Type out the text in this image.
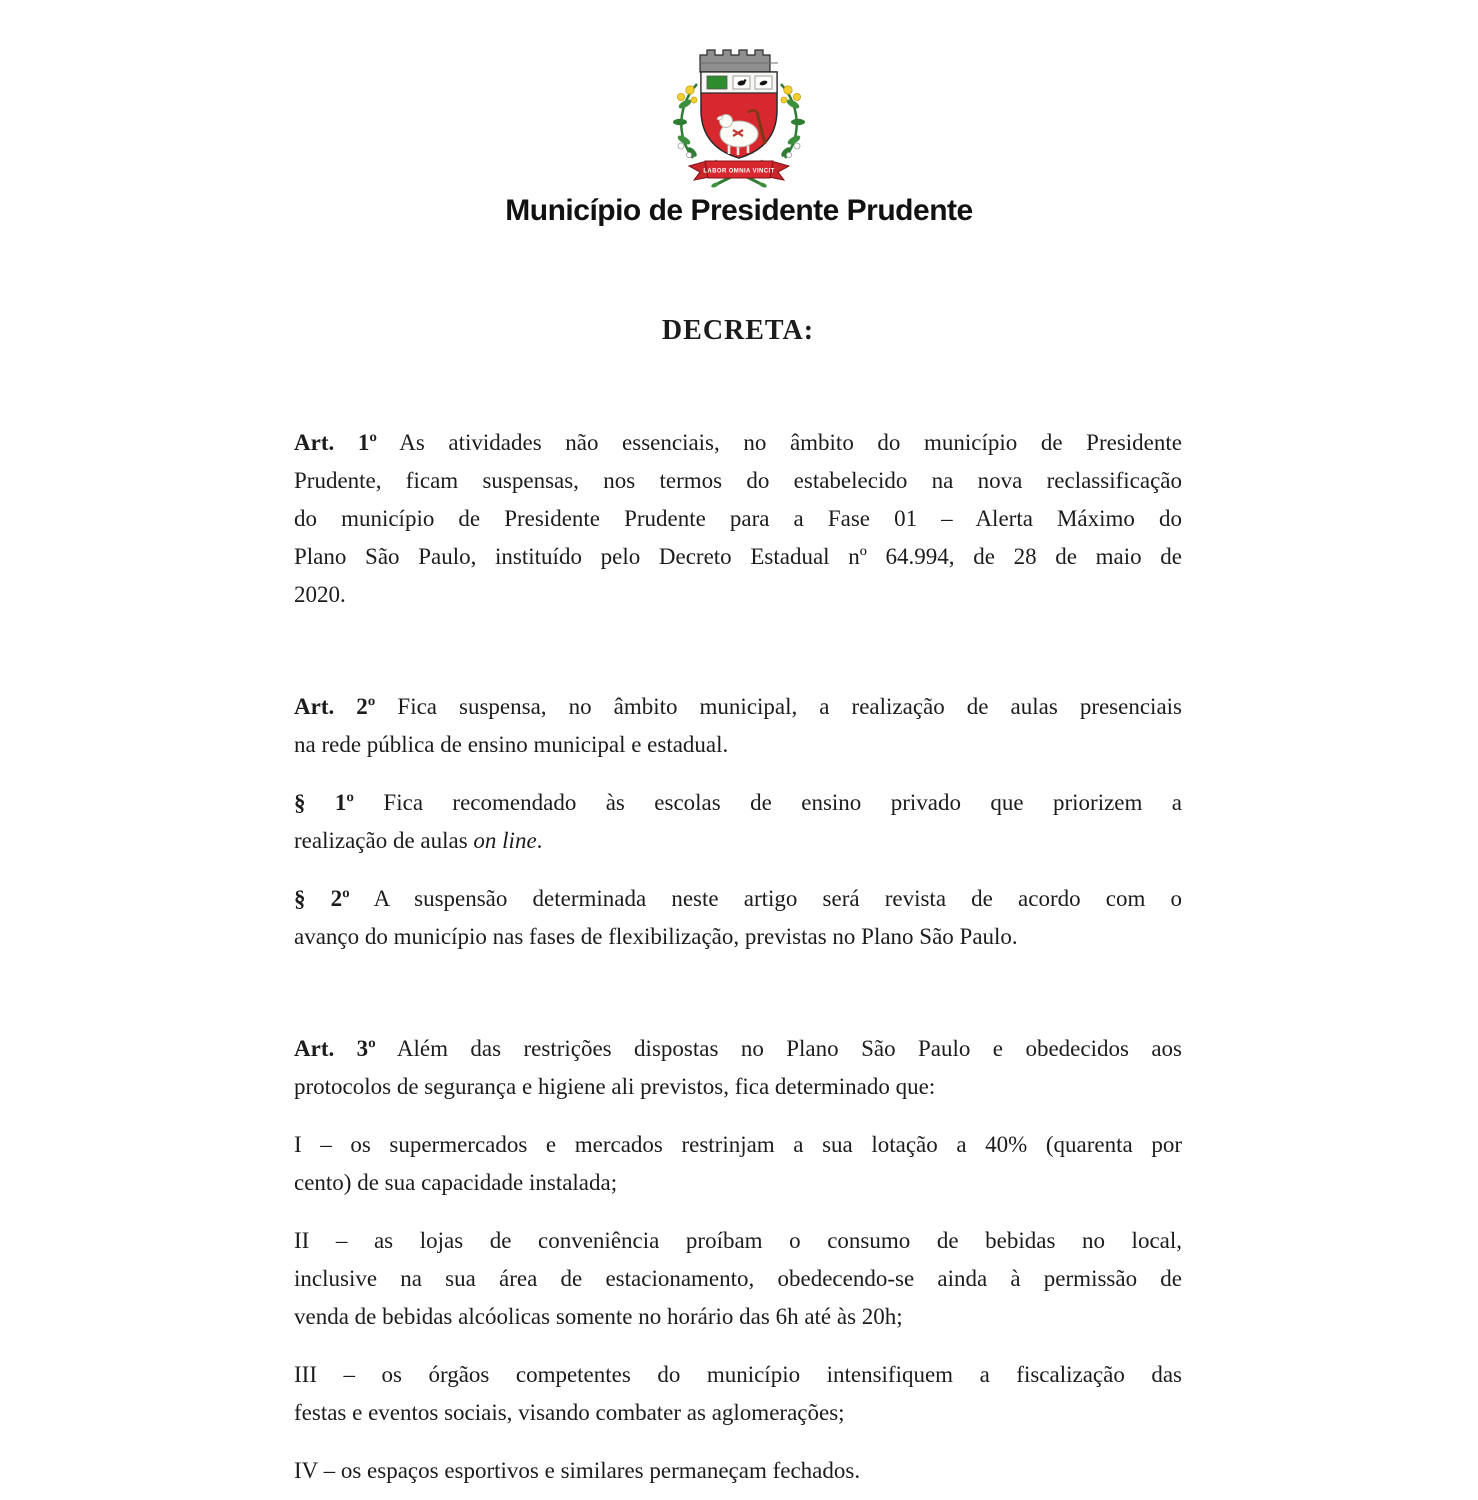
LABOR OMNIA VINCIT
Município de Presidente Prudente
DECRETA:
Art. 1º As atividades não essenciais, no âmbito do município de Presidente
Prudente, ficam suspensas, nos termos do estabelecido na nova reclassificação
do município de Presidente Prudente para a Fase 01 – Alerta Máximo do
Plano São Paulo, instituído pelo Decreto Estadual nº 64.994, de 28 de maio de
2020.
Art. 2º Fica suspensa, no âmbito municipal, a realização de aulas presenciais
na rede pública de ensino municipal e estadual.
§ 1º Fica recomendado às escolas de ensino privado que priorizem a
realização de aulas on line.
§ 2º A suspensão determinada neste artigo será revista de acordo com o
avanço do município nas fases de flexibilização, previstas no Plano São Paulo.
Art. 3º Além das restrições dispostas no Plano São Paulo e obedecidos aos
protocolos de segurança e higiene ali previstos, fica determinado que:
I – os supermercados e mercados restrinjam a sua lotação a 40% (quarenta por
cento) de sua capacidade instalada;
II – as lojas de conveniência proíbam o consumo de bebidas no local,
inclusive na sua área de estacionamento, obedecendo-se ainda à permissão de
venda de bebidas alcóolicas somente no horário das 6h até às 20h;
III – os órgãos competentes do município intensifiquem a fiscalização das
festas e eventos sociais, visando combater as aglomerações;
IV – os espaços esportivos e similares permaneçam fechados.
